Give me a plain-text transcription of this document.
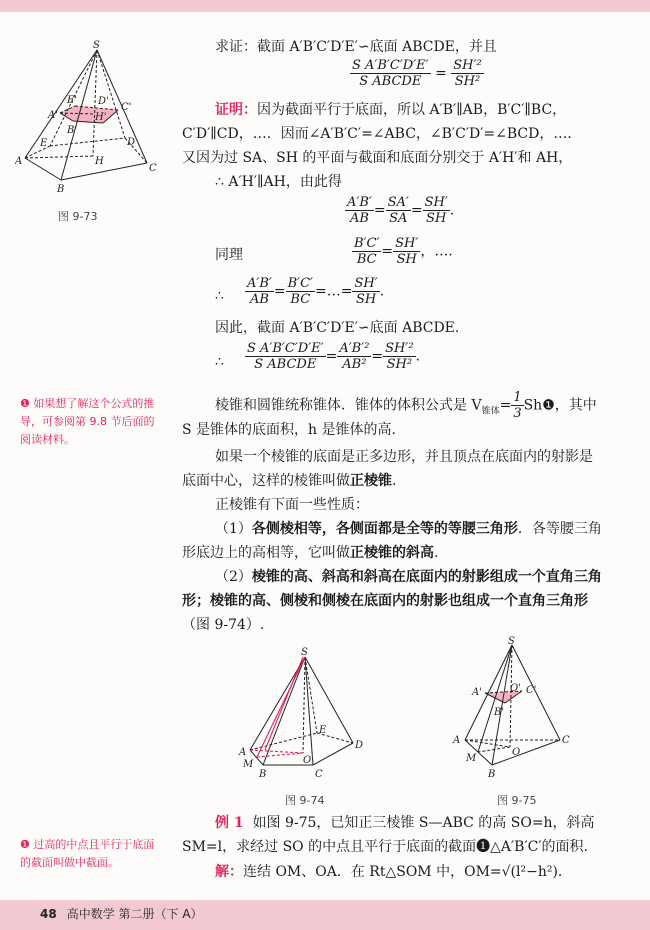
S
A
B
C
D
E
H
A'
B'
C'
D'
E'
H'
图 9-73
求证：截面 A′B′C′D′E′∽底面 ABCDE，并且
$\frac{\text{S A′B′C′D′E′}}{\text{S ABCDE}} = \frac{\text{SH′²}}{\text{SH²}}$
证明：因为截面平行于底面，所以 A′B′∥AB，B′C′∥BC，
C′D′∥CD，…．因而∠A′B′C′=∠ABC，∠B′C′D′=∠BCD，…．
又因为过 SA、SH 的平面与截面和底面分别交于 A′H′和 AH，
∴ A′H′∥AH，由此得
$\frac{A'B'}{AB} = \frac{SA'}{SA} = \frac{SH'}{SH}$ .
同理	$\frac{B'C'}{BC} = \frac{SH'}{SH}$ ，…．
∴ $\frac{A'B'}{AB} = \frac{B'C'}{BC}$ =…= $\frac{SH'}{SH}$ .
因此，截面 A′B′C′D′E′∽底面 ABCDE.
∴ $\frac{\text{S A′B′C′D′E′}}{\text{S ABCDE}} = \frac{\text{A′B′²}}{\text{AB²}} = \frac{\text{SH′²}}{\text{SH²}}$ .
❶ 如果想了解这个公式的推导，可参阅第 9.8 节后面的阅读材料。
棱锥和圆锥统称锥体．锥体的体积公式是 $V_{锥体}= \frac{1}{3}$ Sh❶，其中
S 是锥体的底面积，h 是锥体的高.
如果一个棱锥的底面是正多边形，并且顶点在底面内的射影是
底面中心，这样的棱锥叫做正棱锥.
正棱锥有下面一些性质：
（1）各侧棱相等，各侧面都是全等的等腰三角形．各等腰三角
形底边上的高相等，它叫做正棱锥的斜高.
（2）棱锥的高、斜高和斜高在底面内的射影组成一个直角三角
形；棱锥的高、侧棱和侧棱在底面内的射影也组成一个直角三角形
（图 9-74）.
S
A
B	C
D
E
M	O
图 9-74
S
A
B
C
M
O
A'
B'
C'
O'
图 9-75
例 1 如图 9-75，已知正三棱锥 S—ABC 的高 SO=h，斜高
SM=l，求经过 SO 的中点且平行于底面的截面❶△A′B′C′的面积.
解：连结 OM、OA．在 Rt△SOM 中，OM=√(l²−h²).
❶ 过高的中点且平行于底面的截面叫做中截面。
48 高中数学 第二册（下 A）
